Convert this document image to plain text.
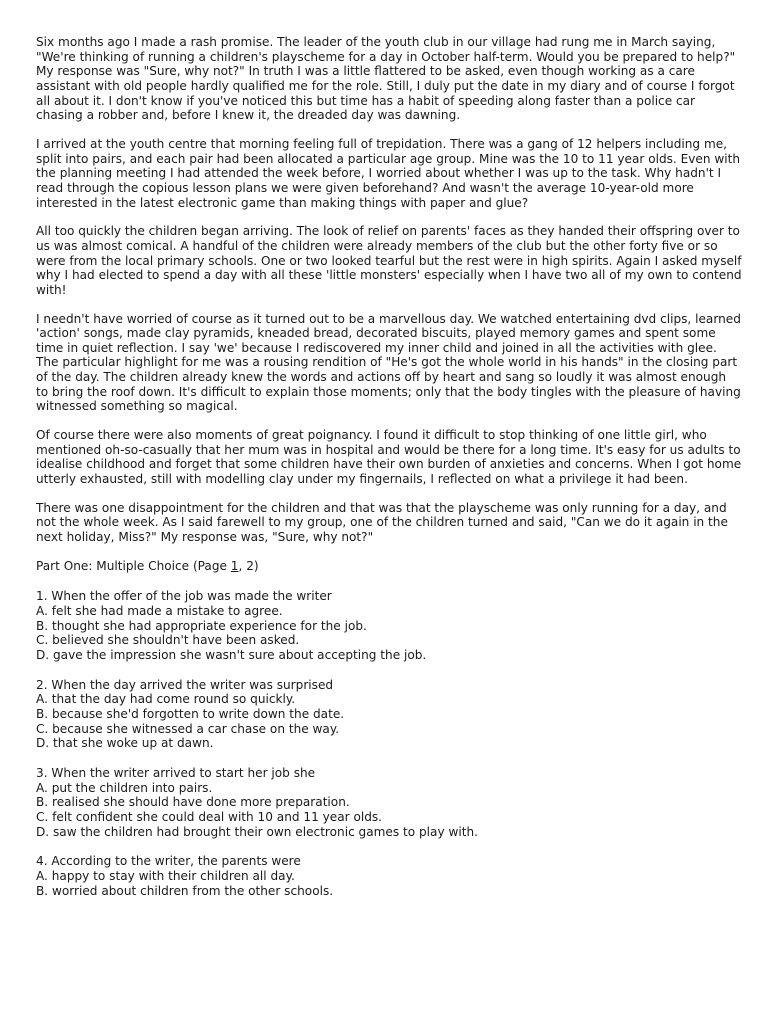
Six months ago I made a rash promise. The leader of the youth club in our village had rung me in March saying, "We're thinking of running a children's playscheme for a day in October half-term. Would you be prepared to help?" My response was "Sure, why not?" In truth I was a little flattered to be asked, even though working as a care assistant with old people hardly qualified me for the role. Still, I duly put the date in my diary and of course I forgot all about it. I don't know if you've noticed this but time has a habit of speeding along faster than a police car chasing a robber and, before I knew it, the dreaded day was dawning.

I arrived at the youth centre that morning feeling full of trepidation. There was a gang of 12 helpers including me, split into pairs, and each pair had been allocated a particular age group. Mine was the 10 to 11 year olds. Even with the planning meeting I had attended the week before, I worried about whether I was up to the task. Why hadn't I read through the copious lesson plans we were given beforehand? And wasn't the average 10-year-old more interested in the latest electronic game than making things with paper and glue?

All too quickly the children began arriving. The look of relief on parents' faces as they handed their offspring over to us was almost comical. A handful of the children were already members of the club but the other forty five or so were from the local primary schools. One or two looked tearful but the rest were in high spirits. Again I asked myself why I had elected to spend a day with all these 'little monsters' especially when I have two all of my own to contend with!

I needn't have worried of course as it turned out to be a marvellous day. We watched entertaining dvd clips, learned 'action' songs, made clay pyramids, kneaded bread, decorated biscuits, played memory games and spent some time in quiet reflection. I say 'we' because I rediscovered my inner child and joined in all the activities with glee.

The particular highlight for me was a rousing rendition of "He's got the whole world in his hands" in the closing part of the day. The children already knew the words and actions off by heart and sang so loudly it was almost enough to bring the roof down. It's difficult to explain those moments; only that the body tingles with the pleasure of having witnessed something so magical.

Of course there were also moments of great poignancy. I found it difficult to stop thinking of one little girl, who mentioned oh-so-casually that her mum was in hospital and would be there for a long time. It's easy for us adults to idealise childhood and forget that some children have their own burden of anxieties and concerns. When I got home utterly exhausted, still with modelling clay under my fingernails, I reflected on what a privilege it had been.

There was one disappointment for the children and that was that the playscheme was only running for a day, and not the whole week. As I said farewell to my group, one of the children turned and said, "Can we do it again in the next holiday, Miss?" My response was, "Sure, why not?"

Part One: Multiple Choice (Page 1, 2)

1. When the offer of the job was made the writer
A. felt she had made a mistake to agree.
B. thought she had appropriate experience for the job.
C. believed she shouldn't have been asked.
D. gave the impression she wasn't sure about accepting the job.
2. When the day arrived the writer was surprised
A. that the day had come round so quickly.
B. because she'd forgotten to write down the date.
C. because she witnessed a car chase on the way.
D. that she woke up at dawn.
3. When the writer arrived to start her job she
A. put the children into pairs.
B. realised she should have done more preparation.
C. felt confident she could deal with 10 and 11 year olds.
D. saw the children had brought their own electronic games to play with.
4. According to the writer, the parents were
A. happy to stay with their children all day.
B. worried about children from the other schools.
